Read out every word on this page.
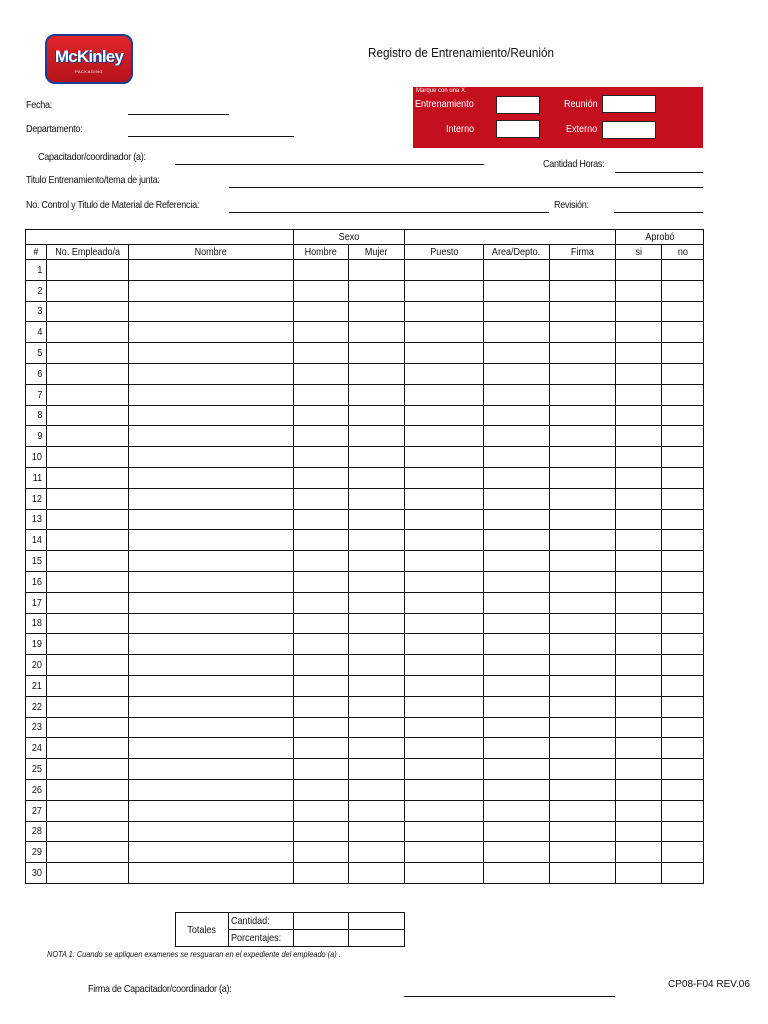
McKinley
PACKAGING
Registro de Entrenamiento/Reunión
Fecha:
Departamento:
Capacitador/coordinador (a):
Cantidad Horas:
Titulo Entrenamiento/tema de junta:
No. Control y Titulo de Material de Referencia:	Revisión:
Marque con una X.
Entrenamiento	Reunión
Interno	Externo
			Sexo					Aprobó	
#	No. Empleado/a	Nombre	Hombre	Mujer	Puesto	Area/Depto.	Firma	si	no
1									
2									
3									
4									
5									
6									
7									
8									
9									
10									
11									
12									
13									
14									
15									
16									
17									
18									
19									
20									
21									
22									
23									
24									
25									
26									
27									
28									
29									
30									
Totales	Cantidad:		
	Porcentajes:		
NOTA 1: Cuando se apliquen examenes se resguaran en el expediente del empleado (a) .
Firma de Capacitador/coordinador (a):	CP08-F04 REV.06
